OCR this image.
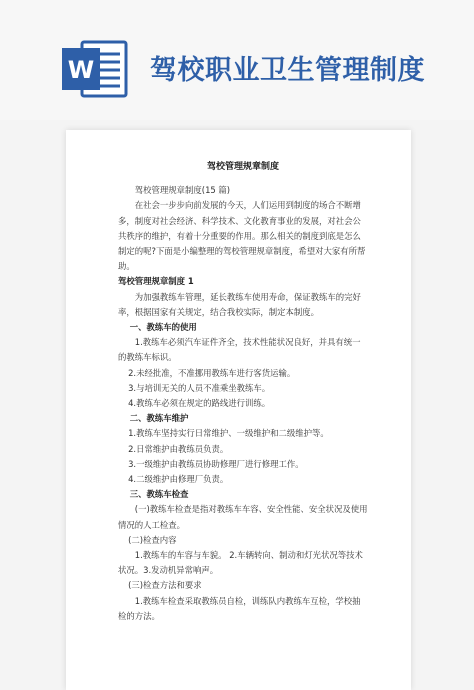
W 驾校职业卫生管理制度
驾校管理规章制度

驾校管理规章制度(15 篇)

在社会一步步向前发展的今天，人们运用到制度的场合不断增多，制度对社会经济、科学技术、文化教育事业的发展，对社会公共秩序的维护，有着十分重要的作用。那么相关的制度到底是怎么制定的呢?下面是小编整理的驾校管理规章制度，希望对大家有所帮助。

驾校管理规章制度 1

为加强教练车管理，延长教练车使用寿命，保证教练车的完好率，根据国家有关规定，结合我校实际，制定本制度。

一、教练车的使用

1.教练车必须汽车证件齐全，技术性能状况良好，并具有统一的教练车标识。

2.未经批准，不准挪用教练车进行客货运输。

3.与培训无关的人员不准乘坐教练车。

4.教练车必须在规定的路线进行训练。

二、教练车维护

1.教练车坚持实行日常维护、一级维护和二级维护等。

2.日常维护由教练员负责。

3.一级维护由教练员协助修理厂进行修理工作。

4.二级维护由修理厂负责。

三、教练车检查

(一)教练车检查是指对教练车车容、安全性能、安全状况及使用情况的人工检查。

(二)检查内容

1.教练车的车容与车貌。 2.车辆转向、制动和灯光状况等技术状况。3.发动机异常响声。

(三)检查方法和要求

1.教练车检查采取教练员自检，训练队内教练车互检，学校抽检的方法。
